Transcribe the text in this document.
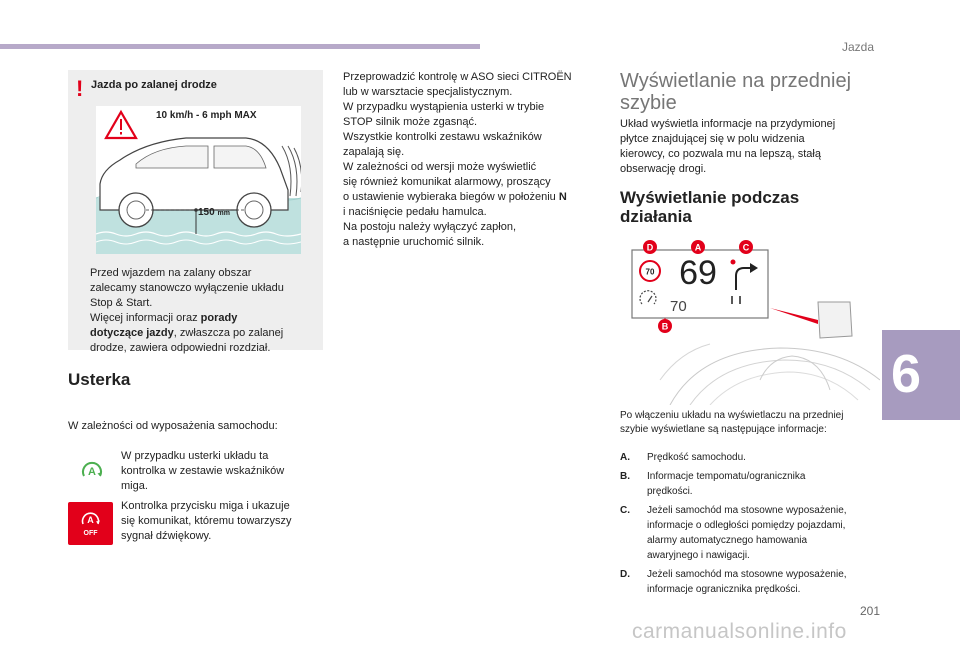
Jazda
! Jazda po zalanej drodze
10 km/h - 6 mph MAX
150 mm
Przed wjazdem na zalany obszar
zalecamy stanowczo wyłączenie układu
Stop & Start.
Więcej informacji oraz porady
dotyczące jazdy, zwłaszcza po zalanej
drodze, zawiera odpowiedni rozdział.
Usterka
W zależności od wyposażenia samochodu:
A
W przypadku usterki układu ta
kontrolka w zestawie wskaźników
miga.
A
OFF
Kontrolka przycisku miga i ukazuje
się komunikat, któremu towarzyszy
sygnał dźwiękowy.
Przeprowadzić kontrolę w ASO sieci CITROËN
lub w warsztacie specjalistycznym.
W przypadku wystąpienia usterki w trybie
STOP silnik może zgasnąć.
Wszystkie kontrolki zestawu wskaźników
zapalają się.
W zależności od wersji może wyświetlić
się również komunikat alarmowy, proszący
o ustawienie wybieraka biegów w położeniu N
i naciśnięcie pedału hamulca.
Na postoju należy wyłączyć zapłon,
a następnie uruchomić silnik.
Wyświetlanie na przedniej
szybie
Układ wyświetla informacje na przydymionej
płytce znajdującej się w polu widzenia
kierowcy, co pozwala mu na lepszą, stałą
obserwację drogi.
Wyświetlanie podczas
działania
70 69
70
D	A	C
B
Po włączeniu układu na wyświetlaczu na przedniej
szybie wyświetlane są następujące informacje:
A.	Prędkość samochodu.
B.	Informacje tempomatu/ogranicznika
prędkości.
C.	Jeżeli samochód ma stosowne wyposażenie,
informacje o odległości pomiędzy pojazdami,
alarmy automatycznego hamowania
awaryjnego i nawigacji.
D.	Jeżeli samochód ma stosowne wyposażenie,
informacje ogranicznika prędkości.
6
201
carmanualsonline.info
